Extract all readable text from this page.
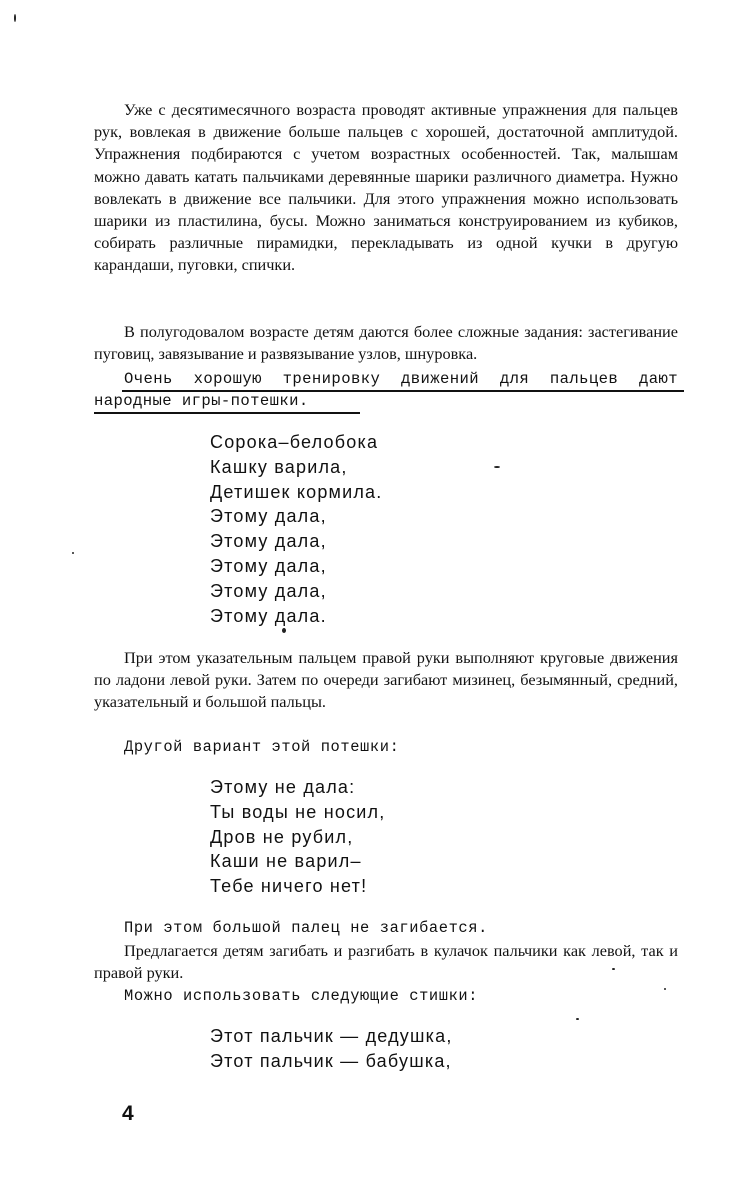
Уже с десятимесячного возраста проводят активные упражнения для пальцев рук, вовлекая в движение больше пальцев с хорошей, достаточной амплитудой. Упражнения подбираются с учетом возрастных особенностей. Так, малышам можно давать катать пальчиками деревянные шарики различного диаметра. Нужно вовлекать в движение все пальчики. Для этого упражнения можно использовать шарики из пластилина, бусы. Можно заниматься конструированием из кубиков, собирать различные пирамидки, перекладывать из одной кучки в другую карандаши, пуговки, спички.

В полугодовалом возрасте детям даются более сложные задания: застегивание пуговиц, завязывание и развязывание узлов, шнуровка.

Очень хорошую тренировку движений для пальцев дают народные игры-потешки.

Сорока–белобока
Кашку варила,
Детишек кормила.
Этому дала,
Этому дала,
Этому дала,
Этому дала,
Этому дала.

При этом указательным пальцем правой руки выполняют круговые движения по ладони левой руки. Затем по очереди загибают мизинец, безымянный, средний, указательный и большой пальцы.

Другой вариант этой потешки:

Этому не дала:
Ты воды не носил,
Дров не рубил,
Каши не варил–
Тебе ничего нет!

При этом большой палец не загибается.

Предлагается детям загибать и разгибать в кулачок пальчики как левой, так и правой руки.

Можно использовать следующие стишки:

Этот пальчик — дедушка,
Этот пальчик — бабушка,
4
